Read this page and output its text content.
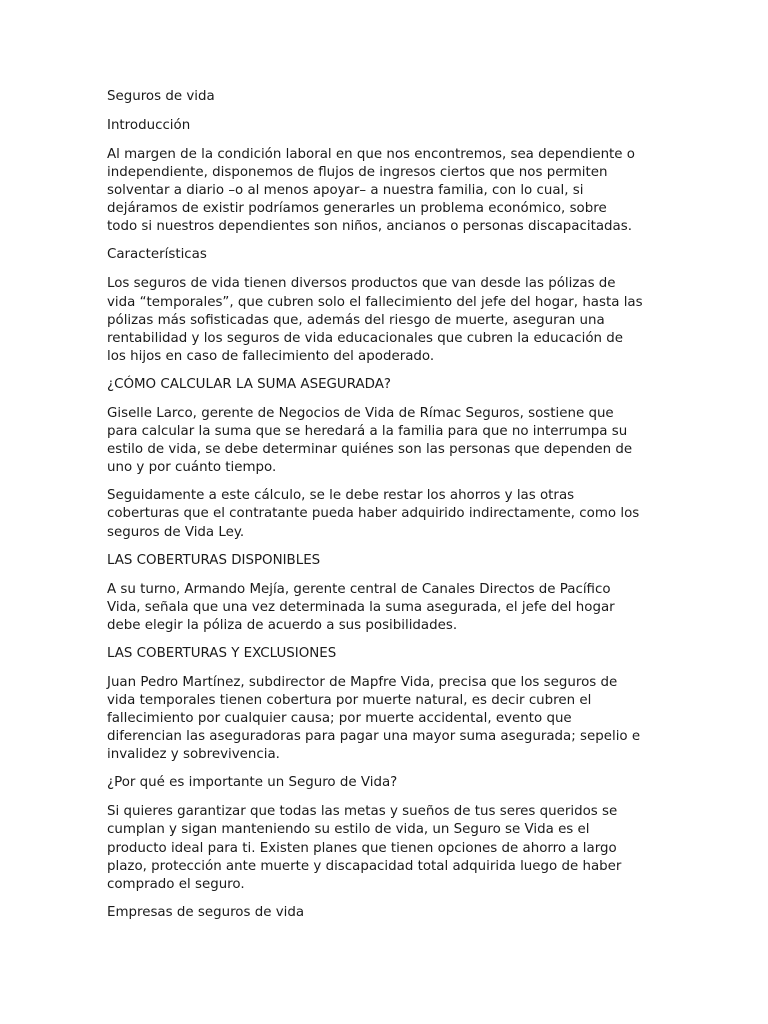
Seguros de vida
Introducción
Al margen de la condición laboral en que nos encontremos, sea dependiente o
independiente, disponemos de flujos de ingresos ciertos que nos permiten
solventar a diario –o al menos apoyar– a nuestra familia, con lo cual, si
dejáramos de existir podríamos generarles un problema económico, sobre
todo si nuestros dependientes son niños, ancianos o personas discapacitadas.
Características
Los seguros de vida tienen diversos productos que van desde las pólizas de
vida “temporales”, que cubren solo el fallecimiento del jefe del hogar, hasta las
pólizas más sofisticadas que, además del riesgo de muerte, aseguran una
rentabilidad y los seguros de vida educacionales que cubren la educación de
los hijos en caso de fallecimiento del apoderado.
¿CÓMO CALCULAR LA SUMA ASEGURADA?
Giselle Larco, gerente de Negocios de Vida de Rímac Seguros, sostiene que
para calcular la suma que se heredará a la familia para que no interrumpa su
estilo de vida, se debe determinar quiénes son las personas que dependen de
uno y por cuánto tiempo.
Seguidamente a este cálculo, se le debe restar los ahorros y las otras
coberturas que el contratante pueda haber adquirido indirectamente, como los
seguros de Vida Ley.
LAS COBERTURAS DISPONIBLES
A su turno, Armando Mejía, gerente central de Canales Directos de Pacífico
Vida, señala que una vez determinada la suma asegurada, el jefe del hogar
debe elegir la póliza de acuerdo a sus posibilidades.
LAS COBERTURAS Y EXCLUSIONES
Juan Pedro Martínez, subdirector de Mapfre Vida, precisa que los seguros de
vida temporales tienen cobertura por muerte natural, es decir cubren el
fallecimiento por cualquier causa; por muerte accidental, evento que
diferencian las aseguradoras para pagar una mayor suma asegurada; sepelio e
invalidez y sobrevivencia.
¿Por qué es importante un Seguro de Vida?
Si quieres garantizar que todas las metas y sueños de tus seres queridos se
cumplan y sigan manteniendo su estilo de vida, un Seguro se Vida es el
producto ideal para ti. Existen planes que tienen opciones de ahorro a largo
plazo, protección ante muerte y discapacidad total adquirida luego de haber
comprado el seguro.
Empresas de seguros de vida
